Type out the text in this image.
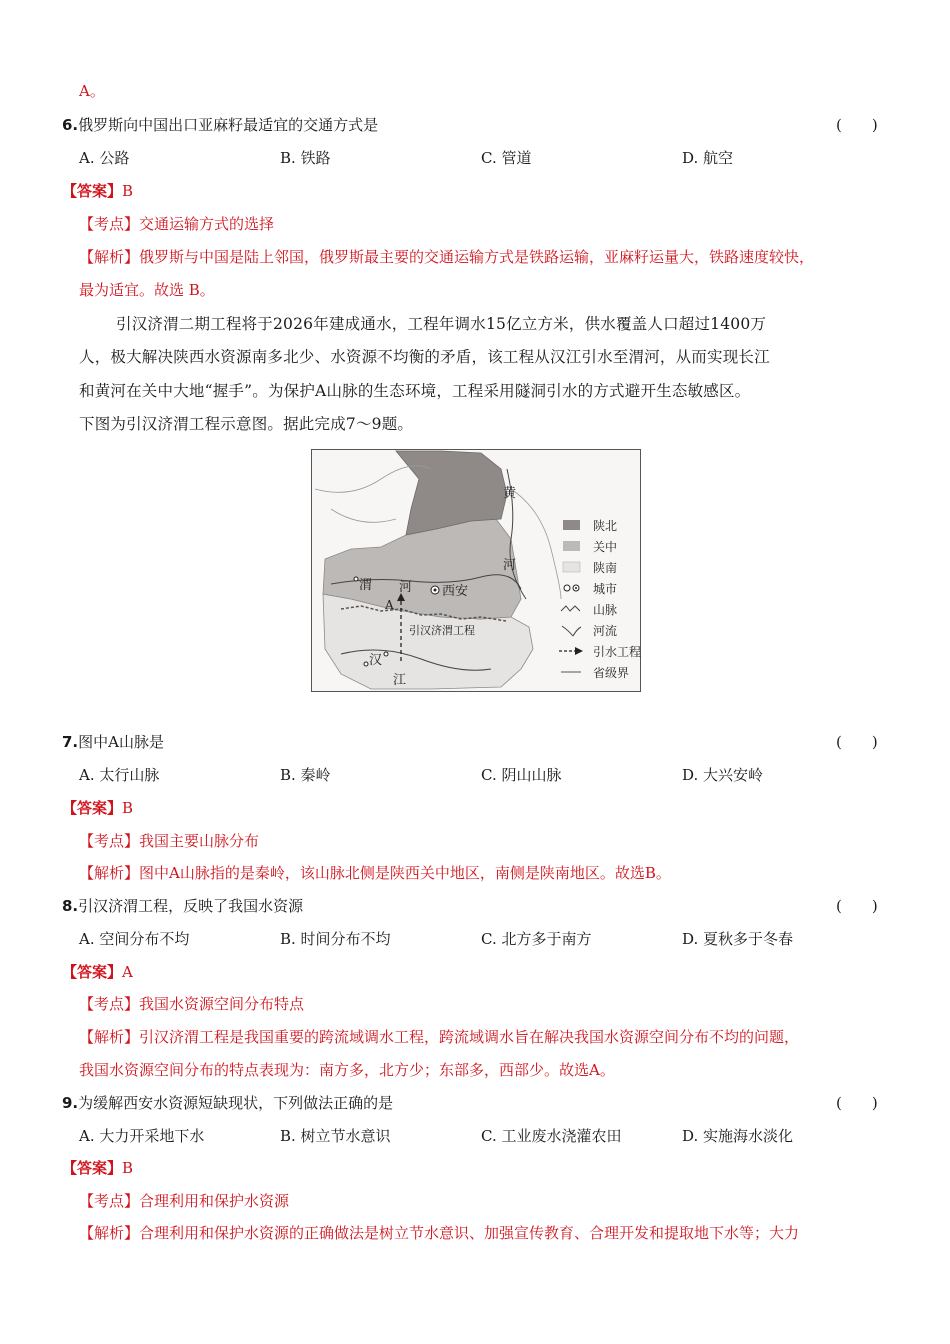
A。
6.俄罗斯向中国出口亚麻籽最适宜的交通方式是	(　　)
A. 公路	B. 铁路	C. 管道	D. 航空
【答案】B
【考点】交通运输方式的选择
【解析】俄罗斯与中国是陆上邻国，俄罗斯最主要的交通运输方式是铁路运输，亚麻籽运量大，铁路速度较快，
最为适宜。故选 B。
引汉济渭二期工程将于2026年建成通水，工程年调水15亿立方米，供水覆盖人口超过1400万
人，极大解决陕西水资源南多北少、水资源不均衡的矛盾，该工程从汉江引水至渭河，从而实现长江
和黄河在关中大地“握手”。为保护A山脉的生态环境，工程采用隧洞引水的方式避开生态敏感区。
下图为引汉济渭工程示意图。据此完成7～9题。
黄
河
渭 河 西安
A
引汉济渭工程
汉
江
陕北
关中
陕南
城市
山脉
河流
引水工程
省级界
7.图中A山脉是	(　　)
A. 太行山脉	B. 秦岭	C. 阴山山脉	D. 大兴安岭
【答案】B
【考点】我国主要山脉分布
【解析】图中A山脉指的是秦岭，该山脉北侧是陕西关中地区，南侧是陕南地区。故选B。
8.引汉济渭工程，反映了我国水资源	(　　)
A. 空间分布不均	B. 时间分布不均	C. 北方多于南方	D. 夏秋多于冬春
【答案】A
【考点】我国水资源空间分布特点
【解析】引汉济渭工程是我国重要的跨流域调水工程，跨流域调水旨在解决我国水资源空间分布不均的问题，
我国水资源空间分布的特点表现为：南方多，北方少；东部多，西部少。故选A。
9.为缓解西安水资源短缺现状，下列做法正确的是	(　　)
A. 大力开采地下水	B. 树立节水意识	C. 工业废水浇灌农田	D. 实施海水淡化
【答案】B
【考点】合理利用和保护水资源
【解析】合理利用和保护水资源的正确做法是树立节水意识、加强宣传教育、合理开发和提取地下水等；大力
